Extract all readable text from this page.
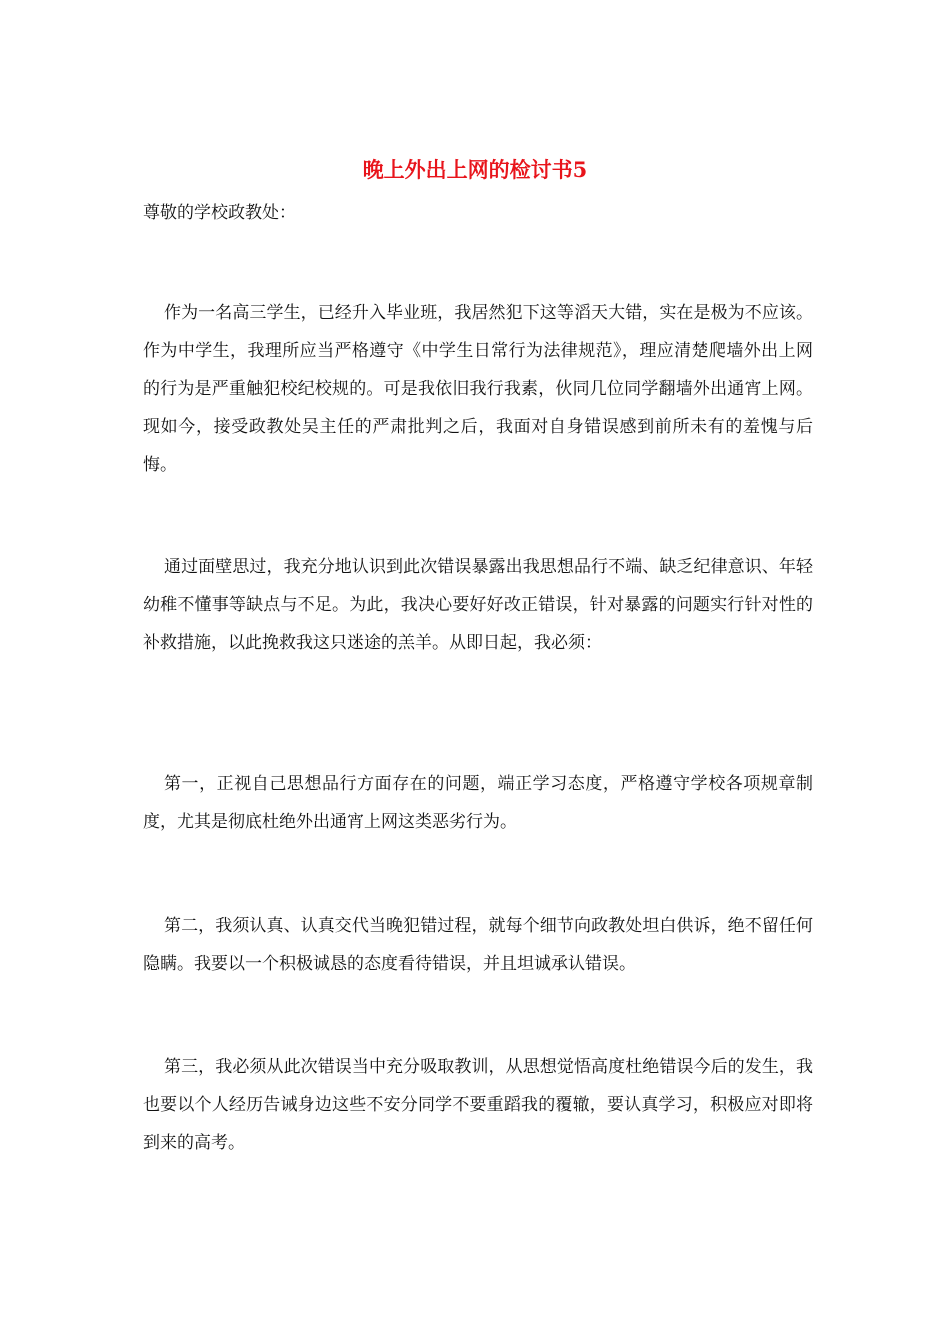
晚上外出上网的检讨书5
尊敬的学校政教处：

作为一名高三学生，已经升入毕业班，我居然犯下这等滔天大错，实在是极为不应该。作为中学生，我理所应当严格遵守《中学生日常行为法律规范》，理应清楚爬墙外出上网的行为是严重触犯校纪校规的。可是我依旧我行我素，伙同几位同学翻墙外出通宵上网。现如今，接受政教处吴主任的严肃批判之后，我面对自身错误感到前所未有的羞愧与后悔。

通过面壁思过，我充分地认识到此次错误暴露出我思想品行不端、缺乏纪律意识、年轻幼稚不懂事等缺点与不足。为此，我决心要好好改正错误，针对暴露的问题实行针对性的补救措施，以此挽救我这只迷途的羔羊。从即日起，我必须：

第一，正视自己思想品行方面存在的问题，端正学习态度，严格遵守学校各项规章制度，尤其是彻底杜绝外出通宵上网这类恶劣行为。

第二，我须认真、认真交代当晚犯错过程，就每个细节向政教处坦白供诉，绝不留任何隐瞒。我要以一个积极诚恳的态度看待错误，并且坦诚承认错误。

第三，我必须从此次错误当中充分吸取教训，从思想觉悟高度杜绝错误今后的发生，我也要以个人经历告诫身边这些不安分同学不要重蹈我的覆辙，要认真学习，积极应对即将到来的高考。
